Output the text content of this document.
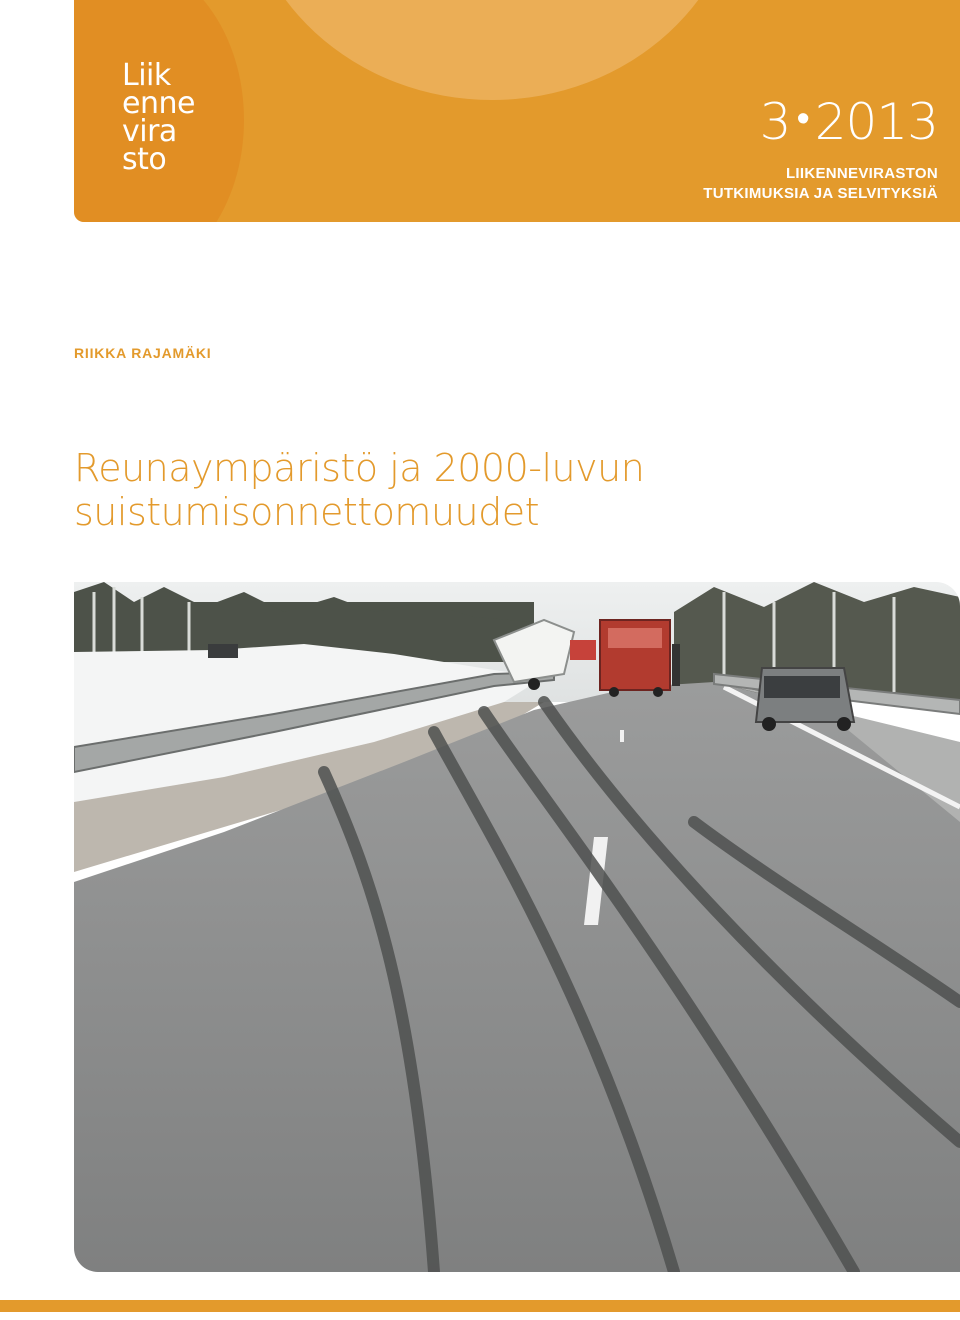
Liik
enne
vira
sto
3 • 2013
LIIKENNEVIRASTON
TUTKIMUKSIA JA SELVITYKSIÄ
RIIKKA RAJAMÄKI
Reunaympäristö ja 2000-luvun
suistumisonnettomuudet
